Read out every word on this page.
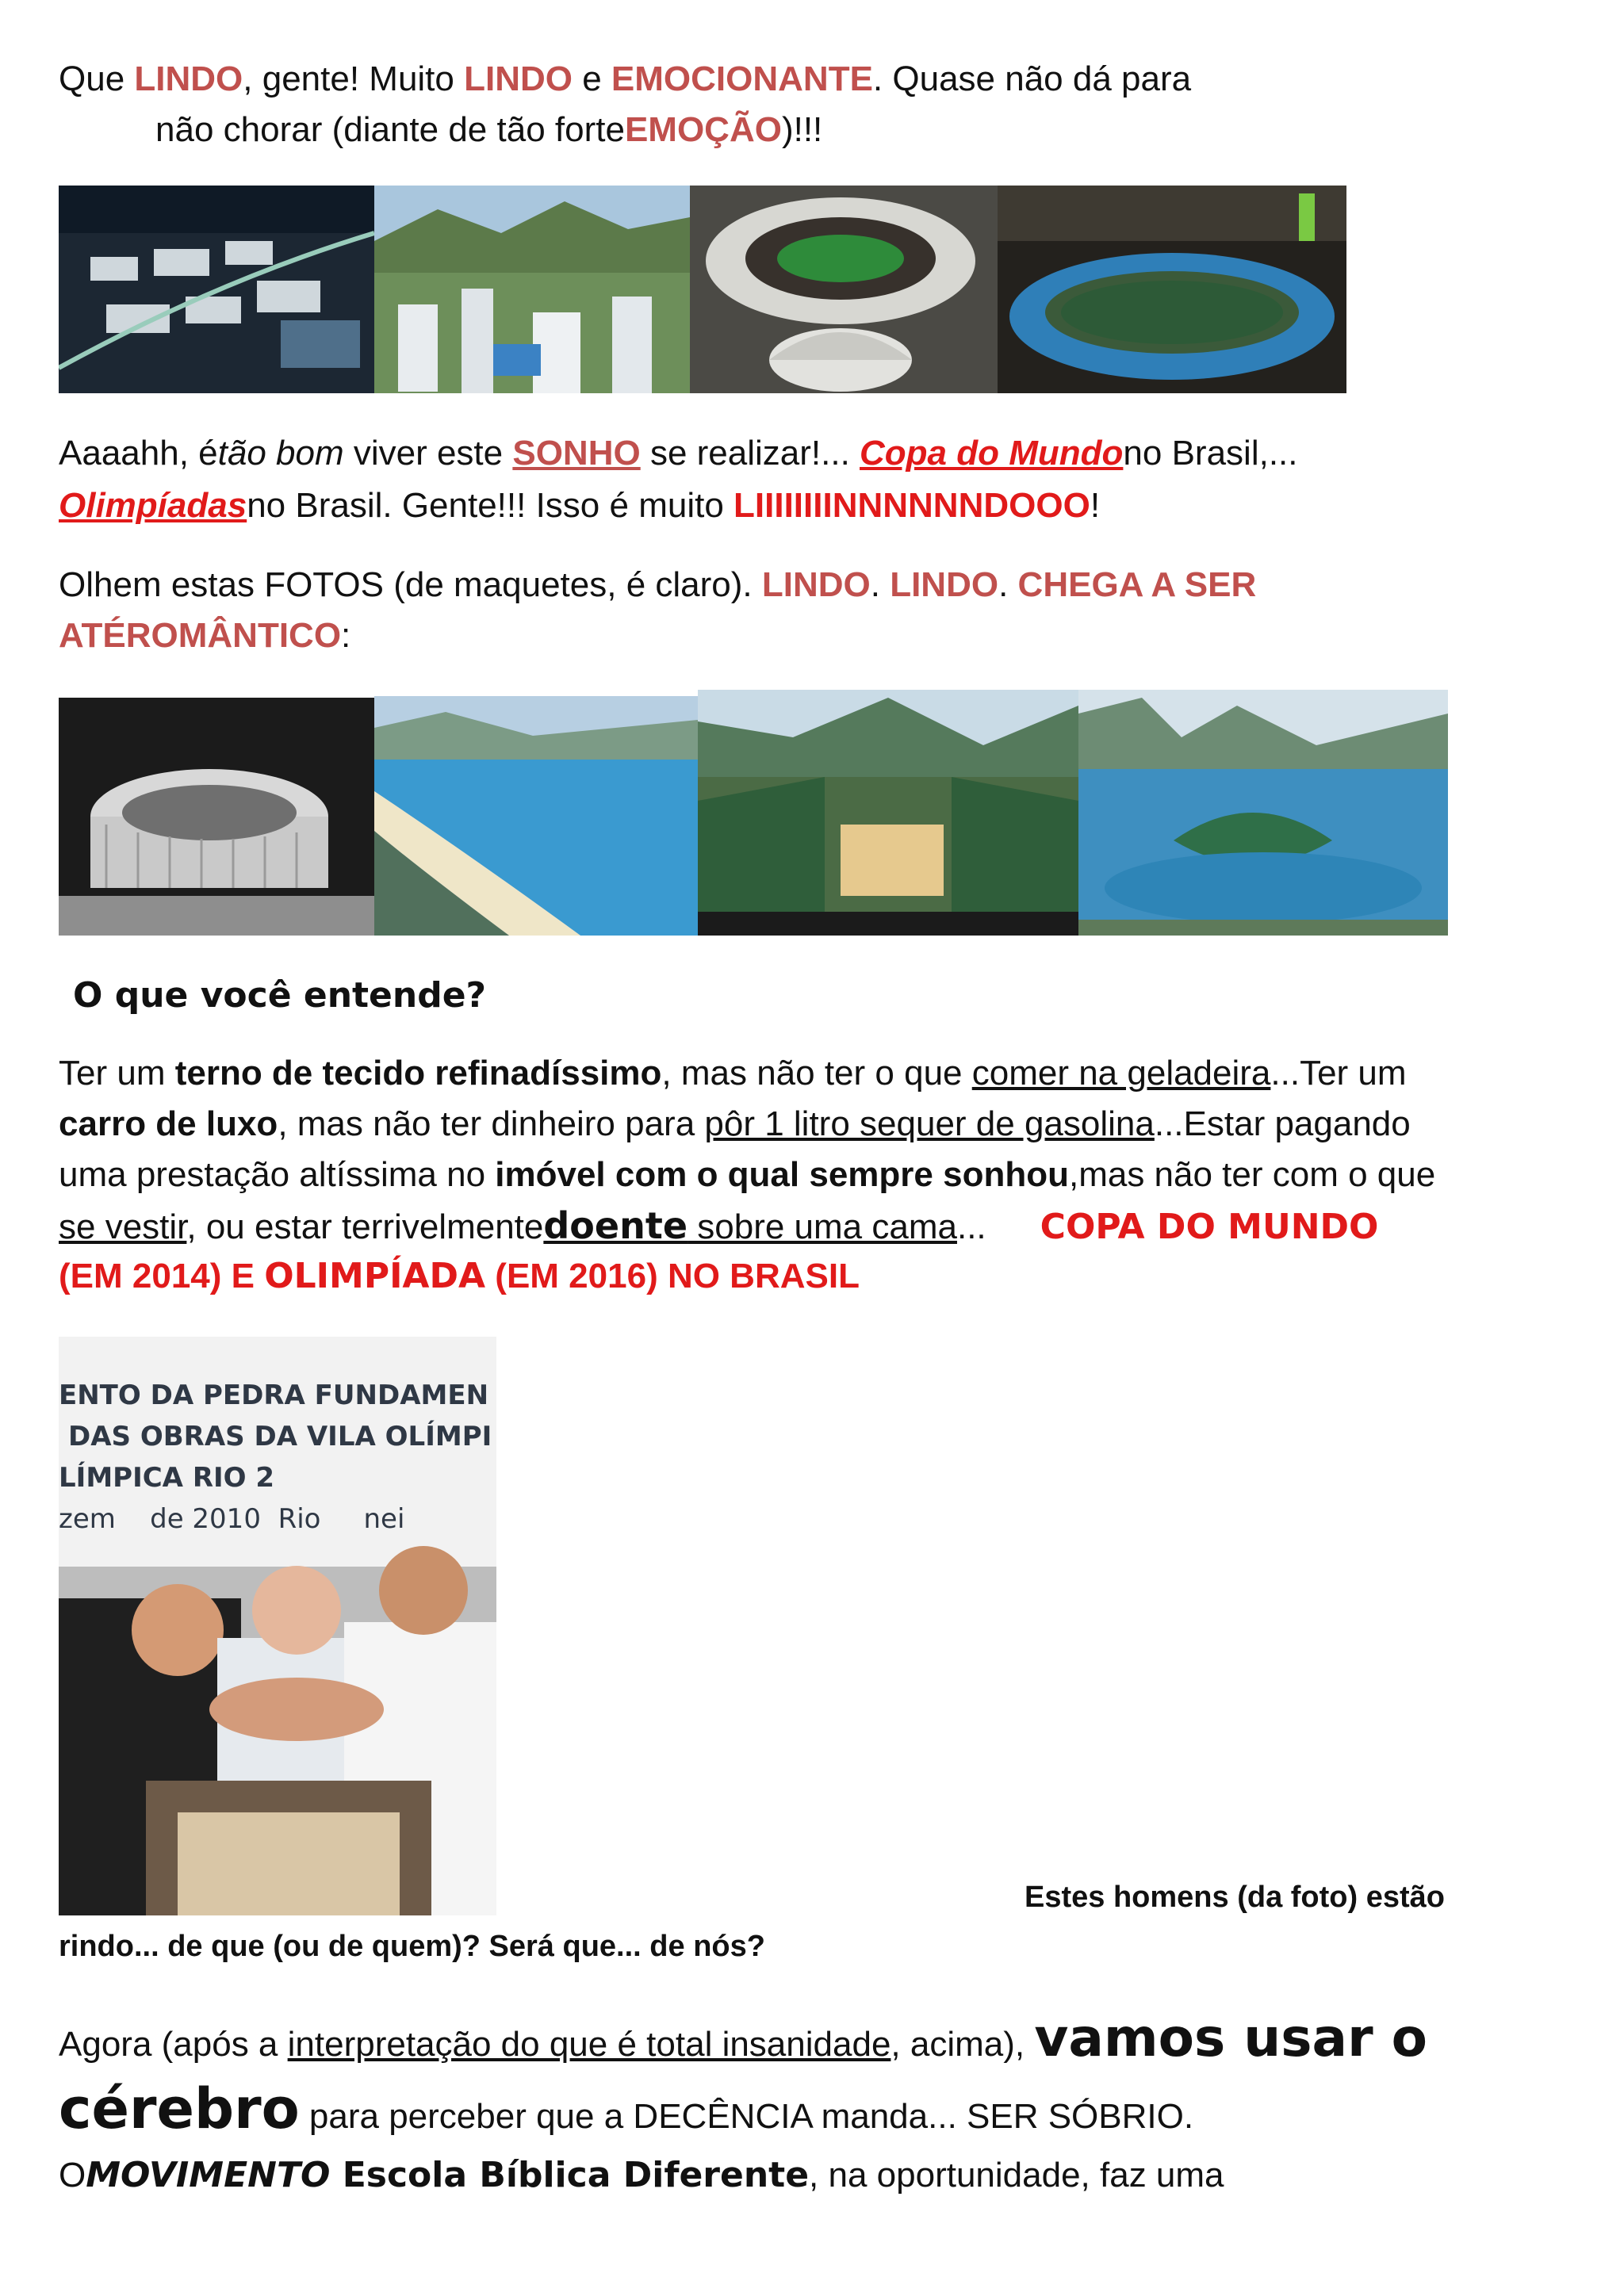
Que LINDO, gente! Muito LINDO e EMOCIONANTE. Quase não dá para

não chorar (diante de tão forteEMOÇÃO)!!!

Aaaahh, étão bom viver este SONHO se realizar!... Copa do Mundono Brasil,...

Olimpíadasno Brasil. Gente!!! Isso é muito LIIIIIIIINNNNNNDOOO!

Olhem estas FOTOS (de maquetes, é claro). LINDO. LINDO. CHEGA A SER

ATÉROMÂNTICO:

O que você entende?

Ter um terno de tecido refinadíssimo, mas não ter o que comer na geladeira...Ter um

carro de luxo, mas não ter dinheiro para pôr 1 litro sequer de gasolina...Estar pagando

uma prestação altíssima no imóvel com o qual sempre sonhou,mas não ter com o que

se vestir, ou estar terrivelmentedoente sobre uma cama... COPA DO MUNDO

(EM 2014) E OLIMPÍADA (EM 2016) NO BRASIL

ENTO DA PEDRA FUNDAMEN
DAS OBRAS DA VILA OLÍMPI
LÍMPICA RIO 2
zem    de 2010  Rio     nei

Estes homens (da foto) estão

rindo... de que (ou de quem)? Será que... de nós?

Agora (após a interpretação do que é total insanidade, acima), vamos usar o

cérebro para perceber que a DECÊNCIA manda... SER SÓBRIO.

OMOVIMENTO Escola Bíblica Diferente, na oportunidade, faz uma
